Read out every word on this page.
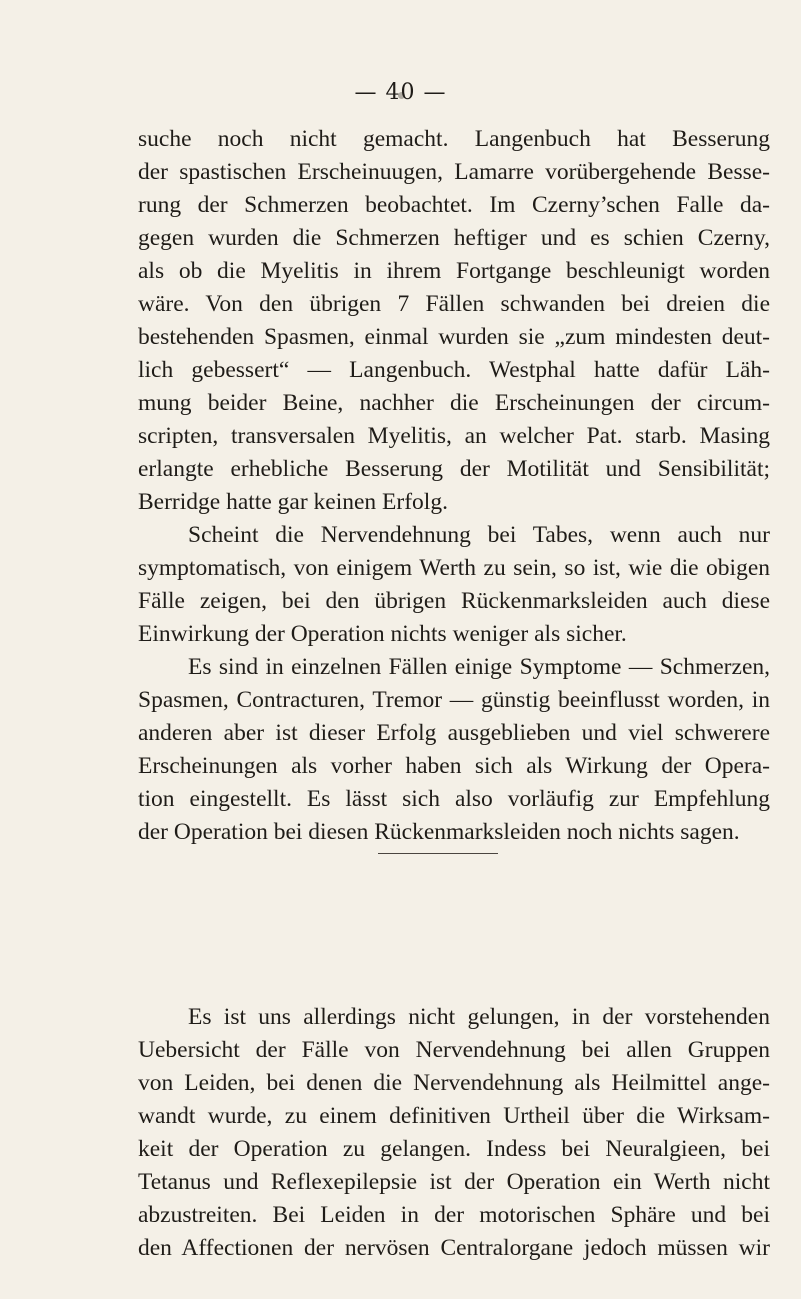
— 40 —
suche noch nicht gemacht. Langenbuch hat Besserung
der spastischen Erscheinuugen, Lamarre vorübergehende Besse-
rung der Schmerzen beobachtet. Im Czerny’schen Falle da-
gegen wurden die Schmerzen heftiger und es schien Czerny,
als ob die Myelitis in ihrem Fortgange beschleunigt worden
wäre. Von den übrigen 7 Fällen schwanden bei dreien die
bestehenden Spasmen, einmal wurden sie „zum mindesten deut-
lich gebessert“ — Langenbuch. Westphal hatte dafür Läh-
mung beider Beine, nachher die Erscheinungen der circum-
scripten, transversalen Myelitis, an welcher Pat. starb. Masing
erlangte erhebliche Besserung der Motilität und Sensibilität;
Berridge hatte gar keinen Erfolg.
Scheint die Nervendehnung bei Tabes, wenn auch nur
symptomatisch, von einigem Werth zu sein, so ist, wie die obigen
Fälle zeigen, bei den übrigen Rückenmarksleiden auch diese
Einwirkung der Operation nichts weniger als sicher.
Es sind in einzelnen Fällen einige Symptome — Schmerzen,
Spasmen, Contracturen, Tremor — günstig beeinflusst worden, in
anderen aber ist dieser Erfolg ausgeblieben und viel schwerere
Erscheinungen als vorher haben sich als Wirkung der Opera-
tion eingestellt. Es lässt sich also vorläufig zur Empfehlung
der Operation bei diesen Rückenmarksleiden noch nichts sagen.
Es ist uns allerdings nicht gelungen, in der vorstehenden
Uebersicht der Fälle von Nervendehnung bei allen Gruppen
von Leiden, bei denen die Nervendehnung als Heilmittel ange-
wandt wurde, zu einem definitiven Urtheil über die Wirksam-
keit der Operation zu gelangen. Indess bei Neuralgieen, bei
Tetanus und Reflexepilepsie ist der Operation ein Werth nicht
abzustreiten. Bei Leiden in der motorischen Sphäre und bei
den Affectionen der nervösen Centralorgane jedoch müssen wir
